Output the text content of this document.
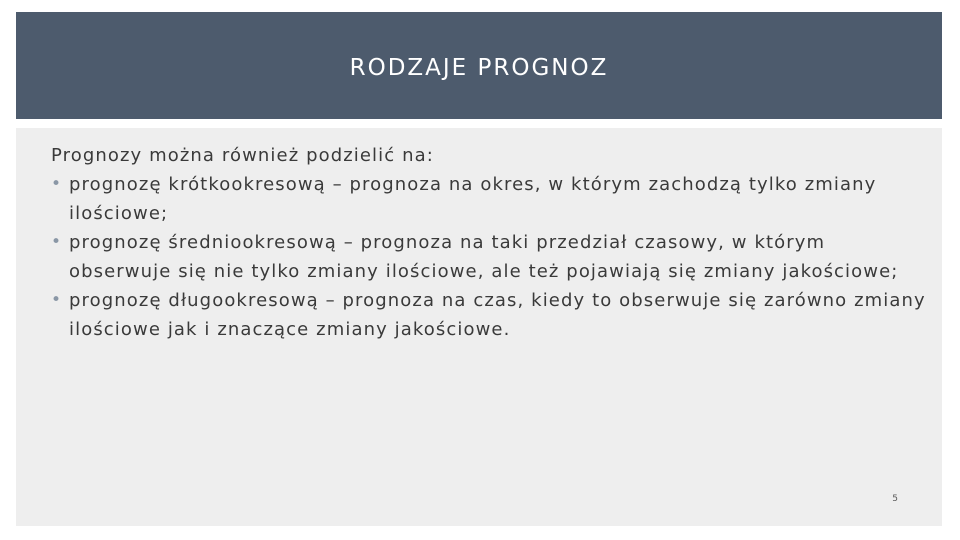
RODZAJE PROGNOZ

Prognozy można również podzielić na:

• prognozę krótkookresową – prognoza na okres, w którym zachodzą tylko zmiany ilościowe;
• prognozę średniookresową – prognoza na taki przedział czasowy, w którym obserwuje się nie tylko zmiany ilościowe, ale też pojawiają się zmiany jakościowe;
• prognozę długookresową – prognoza na czas, kiedy to obserwuje się zarówno zmiany ilościowe jak i znaczące zmiany jakościowe.
5
